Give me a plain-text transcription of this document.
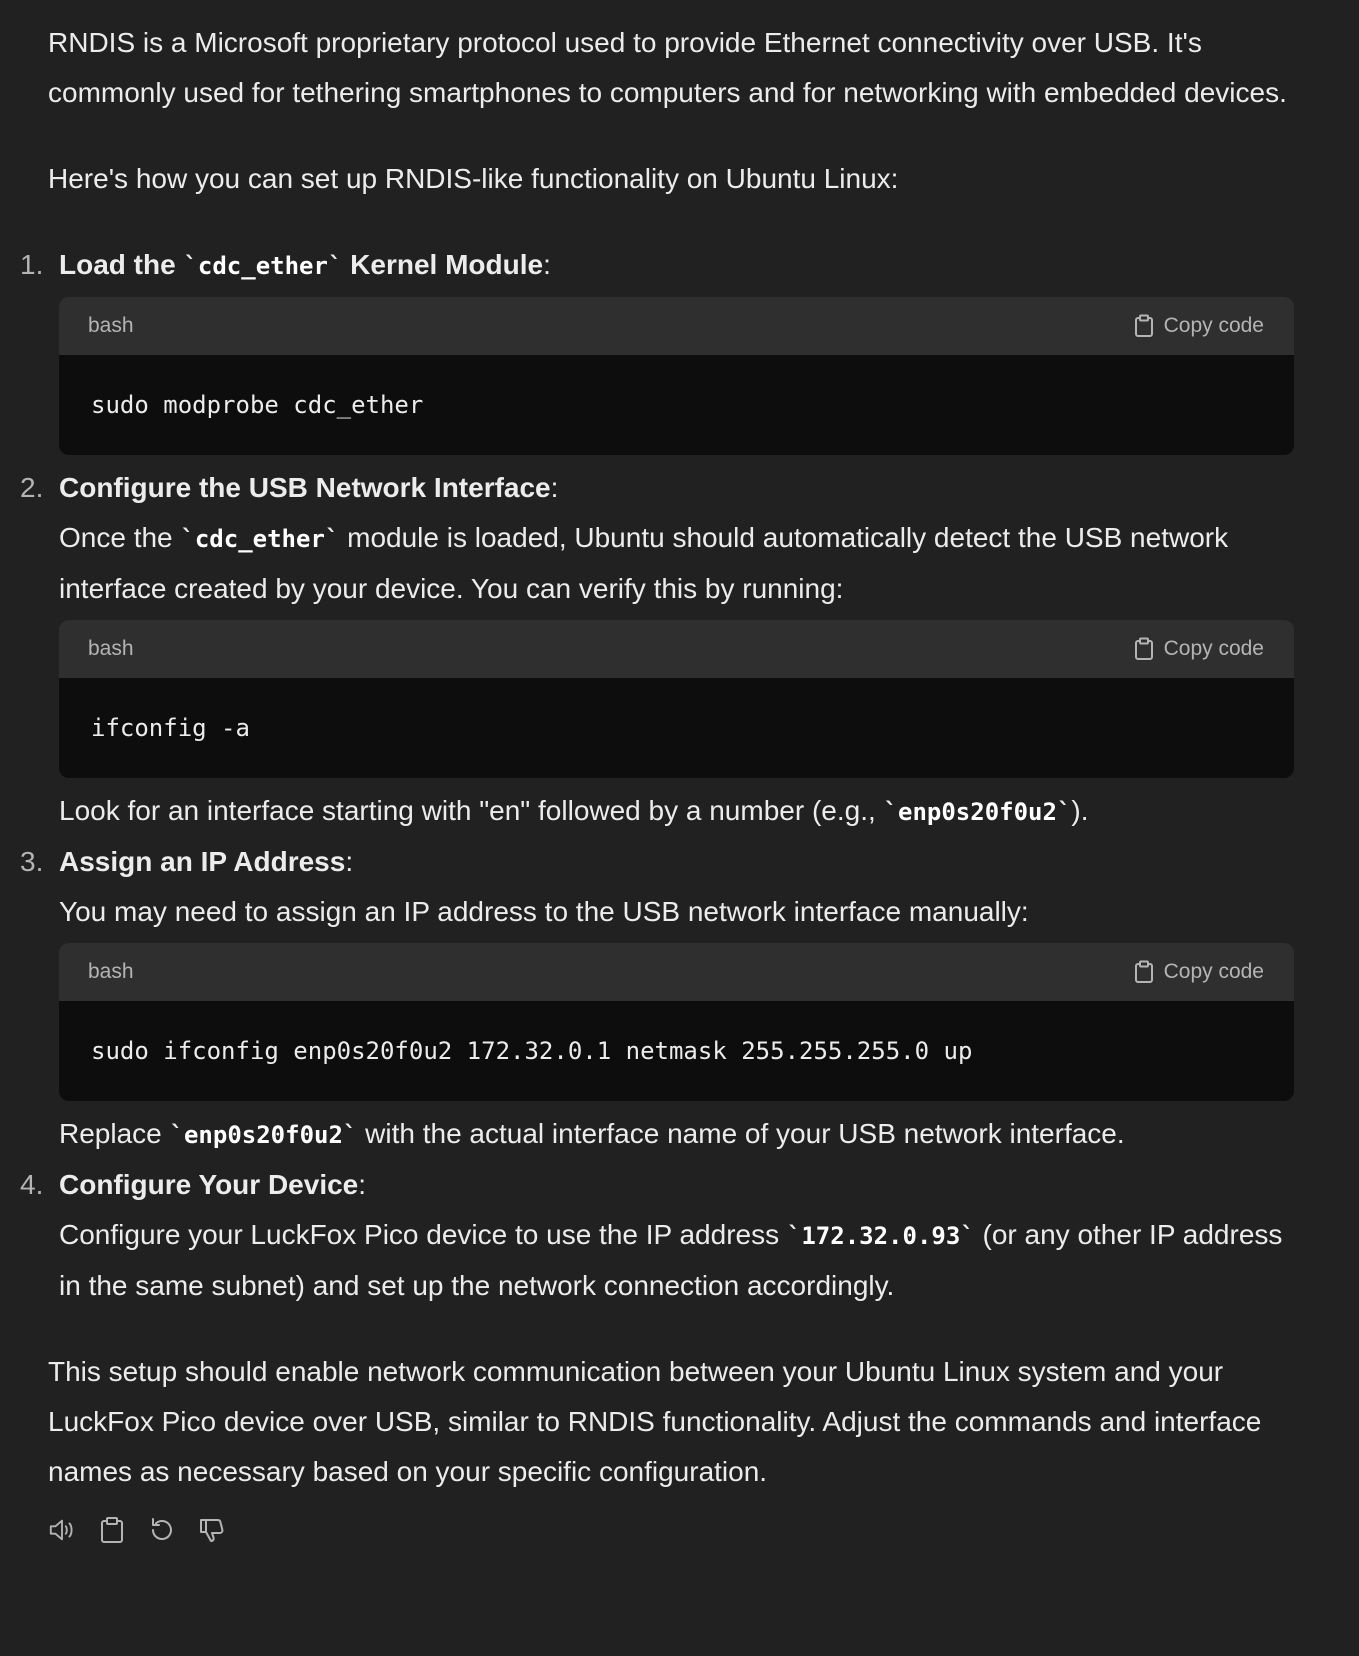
RNDIS is a Microsoft proprietary protocol used to provide Ethernet connectivity over USB. It's commonly used for tethering smartphones to computers and for networking with embedded devices.

Here's how you can set up RNDIS-like functionality on Ubuntu Linux:

1. Load the `cdc_ether` Kernel Module:
bash	Copy code
sudo modprobe cdc_ether
2. Configure the USB Network Interface:
Once the `cdc_ether` module is loaded, Ubuntu should automatically detect the USB network interface created by your device. You can verify this by running:
bash	Copy code
ifconfig -a
Look for an interface starting with "en" followed by a number (e.g., `enp0s20f0u2`).
3. Assign an IP Address:
You may need to assign an IP address to the USB network interface manually:
bash	Copy code
sudo ifconfig enp0s20f0u2 172.32.0.1 netmask 255.255.255.0 up
Replace `enp0s20f0u2` with the actual interface name of your USB network interface.
4. Configure Your Device:
Configure your LuckFox Pico device to use the IP address `172.32.0.93` (or any other IP address in the same subnet) and set up the network connection accordingly.

This setup should enable network communication between your Ubuntu Linux system and your LuckFox Pico device over USB, similar to RNDIS functionality. Adjust the commands and interface names as necessary based on your specific configuration.
